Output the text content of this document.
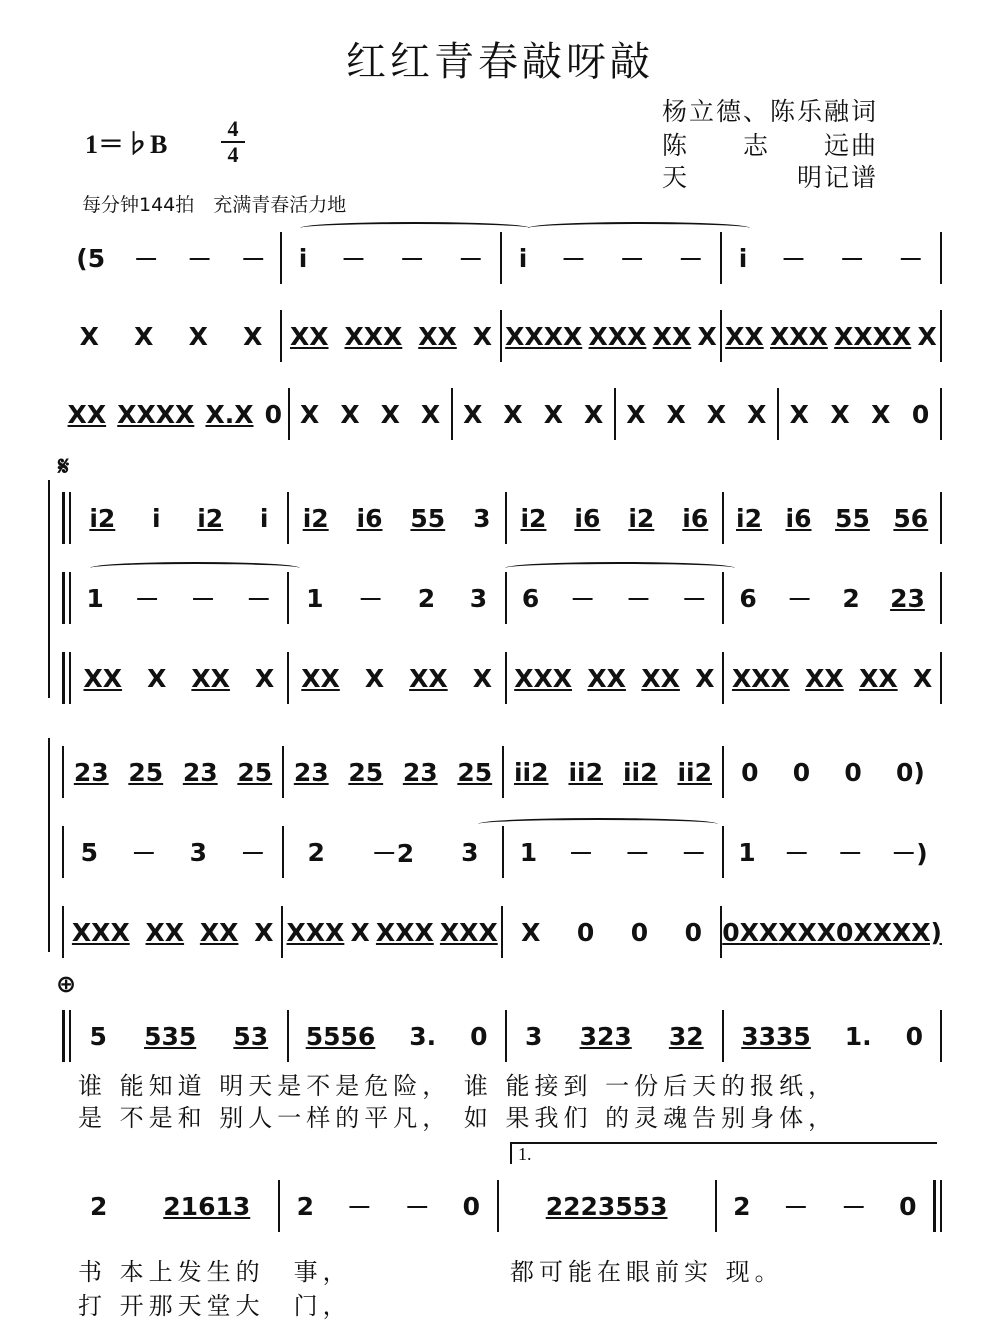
红红青春敲呀敲
杨立德、陈乐融词
陈　　志　　远曲
天　　　　明记谱
1＝♭B
4
4
每分钟144拍　充满青春活力地
(5 － － － i － － － i － － － i － － －
X X X X XX XXX XX X XXXX XXX XX X XX XXX XXXX X
XX XXXX X.X 0 X X X X X X X X X X X X X X X 0
𝄋
i2 i i2 i i2 i6 55 3 i2 i6 i2 i6 i2 i6 55 56
1 － － － 1 － 2 3 6 － － － 6 － 2 23
XX X XX X XX X XX X XXX XX XX X XXX XX XX X
23 25 23 25 23 25 23 25 ii2 ii2 ii2 ii2 0 0 0 0)
5 － 3 － 2 －2 3 1 － － － 1 － － －)
XXX XX XX X XXX X XXX XXX X 0 0 0 0XX XXX 0XX XX)
⊕
5 535 53 5556 3. 0 3 323 32 3335 1. 0
谁 能知道 明天是不是危险， 谁 能接到 一份后天的报纸，
是 不是和 别人一样的平凡， 如 果我们 的灵魂告别身体，
1.
2 21613 2 － － 0	2223553	2 － － 0
书 本上发生的　事，	都可能在眼前实 现。
打 开那天堂大　门，
